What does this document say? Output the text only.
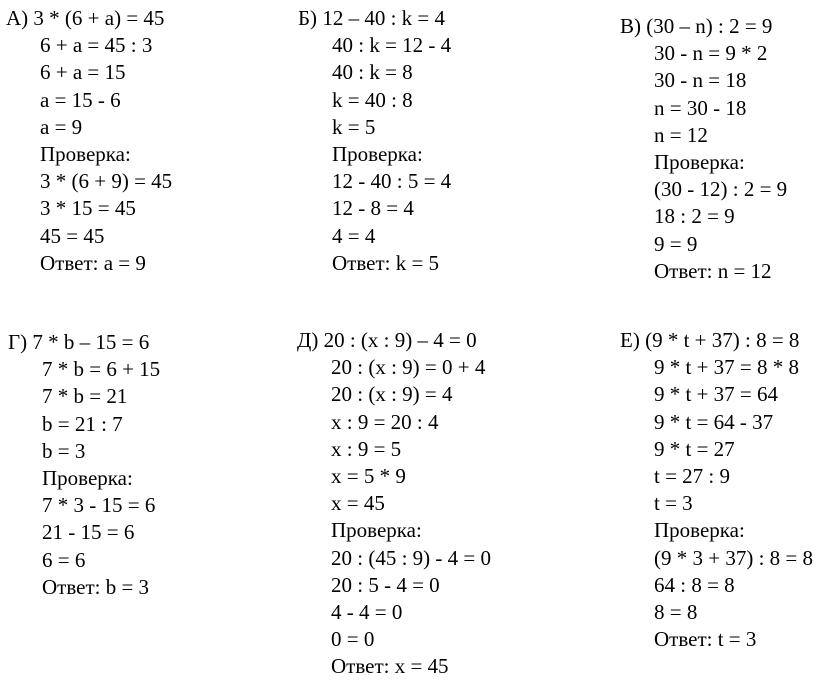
А) 3 * (6 + a) = 45
6 + a = 45 : 3
6 + a = 15
a = 15 - 6
a = 9
Проверка:
3 * (6 + 9) = 45
3 * 15 = 45
45 = 45
Ответ: a = 9
Б) 12 – 40 : k = 4
40 : k = 12 - 4
40 : k = 8
k = 40 : 8
k = 5
Проверка:
12 - 40 : 5 = 4
12 - 8 = 4
4 = 4
Ответ: k = 5
В) (30 – n) : 2 = 9
30 - n = 9 * 2
30 - n = 18
n = 30 - 18
n = 12
Проверка:
(30 - 12) : 2 = 9
18 : 2 = 9
9 = 9
Ответ: n = 12
Г) 7 * b – 15 = 6
7 * b = 6 + 15
7 * b = 21
b = 21 : 7
b = 3
Проверка:
7 * 3 - 15 = 6
21 - 15 = 6
6 = 6
Ответ: b = 3
Д) 20 : (x : 9) – 4 = 0
20 : (x : 9) = 0 + 4
20 : (x : 9) = 4
x : 9 = 20 : 4
x : 9 = 5
x = 5 * 9
x = 45
Проверка:
20 : (45 : 9) - 4 = 0
20 : 5 - 4 = 0
4 - 4 = 0
0 = 0
Ответ: x = 45
Е) (9 * t + 37) : 8 = 8
9 * t + 37 = 8 * 8
9 * t + 37 = 64
9 * t = 64 - 37
9 * t = 27
t = 27 : 9
t = 3
Проверка:
(9 * 3 + 37) : 8 = 8
64 : 8 = 8
8 = 8
Ответ: t = 3
